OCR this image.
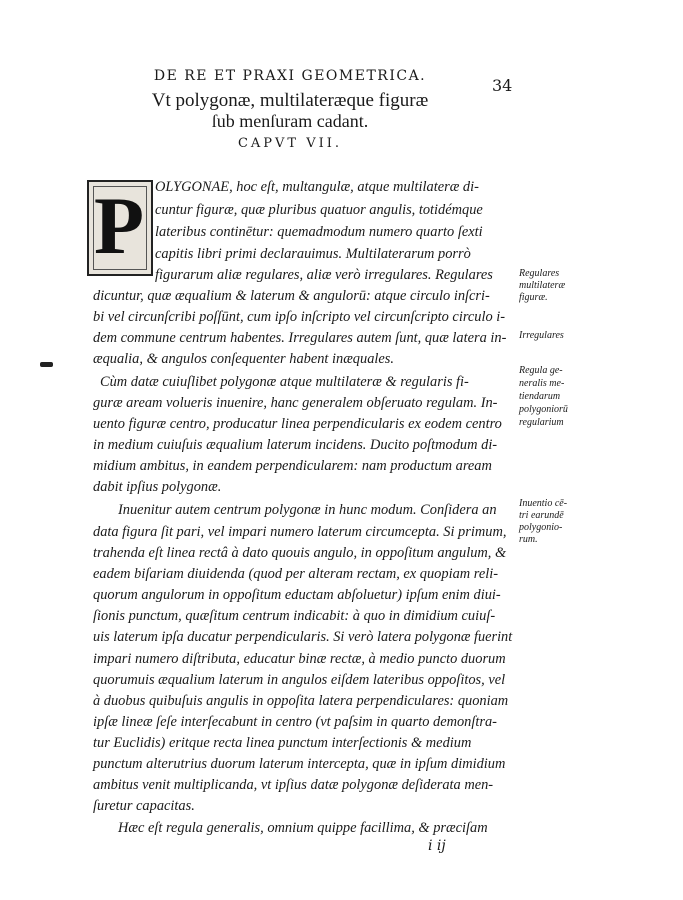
DE RE ET PRAXI GEOMETRICA.	34
Vt polygonæ, multilateræque figuræ
ſub menſuram cadant.
CAPVT VII.
P OLYGONAE, hoc eſt, multangulæ, atque multilateræ di-
cuntur figuræ, quæ pluribus quatuor angulis, totidémque
lateribus continētur: quemadmodum numero quarto ſexti
capitis libri primi declarauimus. Multilaterarum porrò
figurarum aliæ regulares, aliæ verò irregulares. Regulares
dicuntur, quæ æqualium & laterum & angulorū: atque circulo inſcri-
bi vel circunſcribi poſſūnt, cum ipſo inſcripto vel circunſcripto circulo i-
dem commune centrum habentes. Irregulares autem ſunt, quæ latera in-
æqualia, & angulos conſequenter habent inæquales.
Cùm datæ cuiuſlibet polygonæ atque multilateræ & regularis fi-
guræ aream volueris inuenire, hanc generalem obſeruato regulam. In-
uento figuræ centro, producatur linea perpendicularis ex eodem centro
in medium cuiuſuis æqualium laterum incidens. Ducito poſtmodum di-
midium ambitus, in eandem perpendicularem: nam productum aream
dabit ipſius polygonæ.
Inuenitur autem centrum polygonæ in hunc modum. Conſidera an
data figura ſit pari, vel impari numero laterum circumcepta. Si primum,
trahenda eſt linea rectâ à dato quouis angulo, in oppoſitum angulum, &
eadem biſariam diuidenda (quod per alteram rectam, ex quopiam reli-
quorum angulorum in oppoſitum eductam abſoluetur) ipſum enim diui-
ſionis punctum, quæſitum centrum indicabit: à quo in dimidium cuiuſ-
uis laterum ipſa ducatur perpendicularis. Si verò latera polygonæ fuerint
impari numero diſtributa, educatur binæ rectæ, à medio puncto duorum
quorumuis æqualium laterum in angulos eiſdem lateribus oppoſitos, vel
à duobus quibuſuis angulis in oppoſita latera perpendiculares: quoniam
ipſæ lineæ ſeſe interſecabunt in centro (vt paſsim in quarto demonſtra-
tur Euclidis) eritque recta linea punctum interſectionis & medium
punctum alterutrius duorum laterum intercepta, quæ in ipſum dimidium
ambitus venit multiplicanda, vt ipſius datæ polygonæ deſiderata men-
ſuretur capacitas.
Hæc eſt regula generalis, omnium quippe facillima, & præciſam
Regulares
multilateræ
figuræ.
Irregulares
Regula ge-
neralis me-
tiendarum
polygoniorū
regularium
Inuentio cē-
tri earundē
polygonio-
rum.
i ij
